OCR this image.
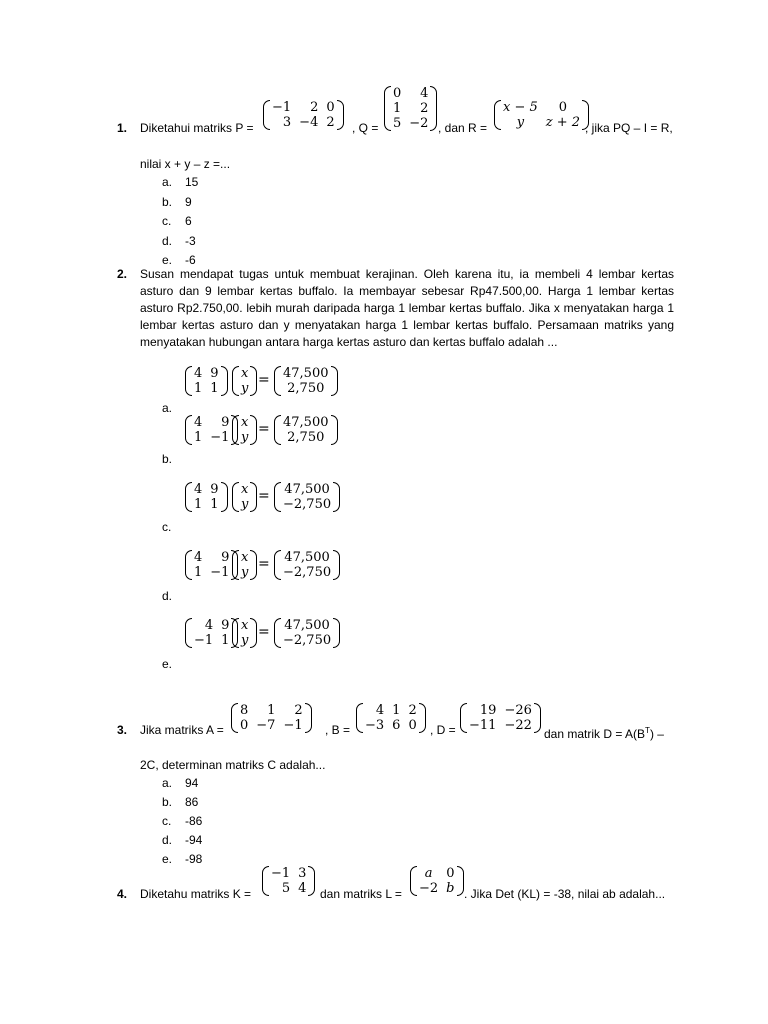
1. Diketahui matriks P =
−1	2 0
3 −4 2 , Q =
0	4
1	2
5 −2 , dan R =
x − 5	0
y	z + 2 , jika PQ – I = R,
nilai x + y – z =...
a. 15
b. 9
c. 6
d. -3
e. -6
2. Susan mendapat tugas untuk membuat kerajinan. Oleh karena itu, ia membeli 4 lembar kertas asturo dan 9 lembar kertas buffalo. Ia membayar sebesar Rp47.500,00. Harga 1 lembar kertas asturo Rp2.750,00. lebih murah daripada harga 1 lembar kertas buffalo. Jika x menyatakan harga 1 lembar kertas asturo dan y menyatakan harga 1 lembar kertas buffalo. Persamaan matriks yang menyatakan hubungan antara harga kertas asturo dan kertas buffalo adalah ...
4 9
1 1
x
y
= 47,500
2,750
a.
4	9
1 −1
x
y
= 47,500
2,750
b.
4 9
1 1
x
y
= 47,500
−2,750
c.
4	9
1 −1
x
y
= 47,500
−2,750
d.
4 9
−1 1
x
y
= 47,500
−2,750
e.
3. Jika matriks A =
8	1	2
0 −7 −1 , B =
4 1 2
−3 6 0 , D =
19 −26
−11 −22
dan matrik $D = A(B^T)$ –
2C, determinan matriks C adalah...
a. 94
b. 86
c. -86
d. -94
e. -98
4. Diketahu matriks K =
−1 3
5 4 dan matriks L =
a	0
−2 b . Jika Det (KL) = -38, nilai ab adalah...
